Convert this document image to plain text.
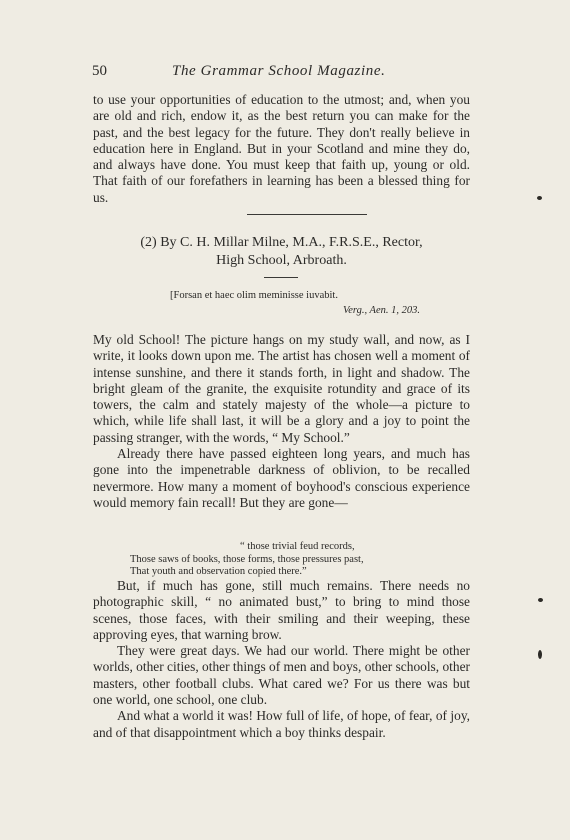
50	The Grammar School Magazine.

to use your opportunities of education to the utmost; and, when you are old and rich, endow it, as the best return you can make for the past, and the best legacy for the future. They don't really believe in education here in England. But in your Scotland and mine they do, and always have done. You must keep that faith up, young or old. That faith of our forefathers in learning has been a blessed thing for us.

(2) By C. H. Millar Milne, M.A., F.R.S.E., Rector,
High School, Arbroath.
[Forsan et haec olim meminisse iuvabit.
Verg., Aen. 1, 203.

My old School! The picture hangs on my study wall, and now, as I write, it looks down upon me. The artist has chosen well a moment of intense sunshine, and there it stands forth, in light and shadow. The bright gleam of the granite, the exquisite rotundity and grace of its towers, the calm and stately majesty of the whole—a picture to which, while life shall last, it will be a glory and a joy to point the passing stranger, with the words, “ My School.”

Already there have passed eighteen long years, and much has gone into the impenetrable darkness of oblivion, to be recalled nevermore. How many a moment of boyhood's conscious experience would memory fain recall! But they are gone—

“ those trivial feud records,
Those saws of books, those forms, those pressures past,
That youth and observation copied there.”

But, if much has gone, still much remains. There needs no photographic skill, “ no animated bust,” to bring to mind those scenes, those faces, with their smiling and their weeping, these approving eyes, that warning brow.

They were great days. We had our world. There might be other worlds, other cities, other things of men and boys, other schools, other masters, other football clubs. What cared we? For us there was but one world, one school, one club.

And what a world it was! How full of life, of hope, of fear, of joy, and of that disappointment which a boy thinks despair.
